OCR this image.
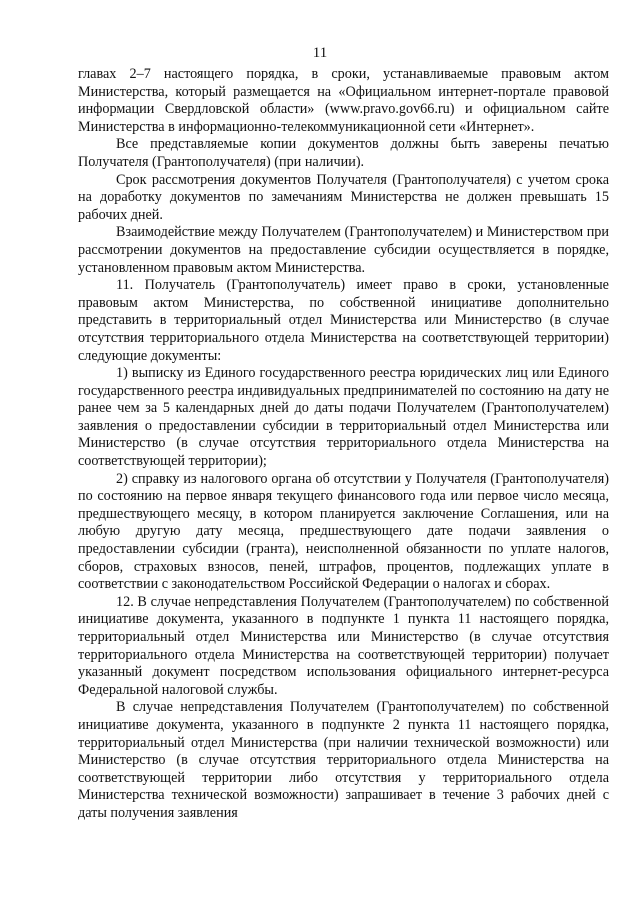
11

главах 2–7 настоящего порядка, в сроки, устанавливаемые правовым актом Министерства, который размещается на «Официальном интернет-портале правовой информации Свердловской области» (www.pravo.gov66.ru) и официальном сайте Министерства в информационно-телекоммуникационной сети «Интернет».

Все представляемые копии документов должны быть заверены печатью Получателя (Грантополучателя) (при наличии).

Срок рассмотрения документов Получателя (Грантополучателя) с учетом срока на доработку документов по замечаниям Министерства не должен превышать 15 рабочих дней.

Взаимодействие между Получателем (Грантополучателем) и Министерством при рассмотрении документов на предоставление субсидии осуществляется в порядке, установленном правовым актом Министерства.

11. Получатель (Грантополучатель) имеет право в сроки, установленные правовым актом Министерства, по собственной инициативе дополнительно представить в территориальный отдел Министерства или Министерство (в случае отсутствия территориального отдела Министерства на соответствующей территории) следующие документы:

1) выписку из Единого государственного реестра юридических лиц или Единого государственного реестра индивидуальных предпринимателей по состоянию на дату не ранее чем за 5 календарных дней до даты подачи Получателем (Грантополучателем) заявления о предоставлении субсидии в территориальный отдел Министерства или Министерство (в случае отсутствия территориального отдела Министерства на соответствующей территории);

2) справку из налогового органа об отсутствии у Получателя (Грантополучателя) по состоянию на первое января текущего финансового года или первое число месяца, предшествующего месяцу, в котором планируется заключение Соглашения, или на любую другую дату месяца, предшествующего дате подачи заявления о предоставлении субсидии (гранта), неисполненной обязанности по уплате налогов, сборов, страховых взносов, пеней, штрафов, процентов, подлежащих уплате в соответствии с законодательством Российской Федерации о налогах и сборах.

12. В случае непредставления Получателем (Грантополучателем) по собственной инициативе документа, указанного в подпункте 1 пункта 11 настоящего порядка, территориальный отдел Министерства или Министерство (в случае отсутствия территориального отдела Министерства на соответствующей территории) получает указанный документ посредством использования официального интернет-ресурса Федеральной налоговой службы.

В случае непредставления Получателем (Грантополучателем) по собственной инициативе документа, указанного в подпункте 2 пункта 11 настоящего порядка, территориальный отдел Министерства (при наличии технической возможности) или Министерство (в случае отсутствия территориального отдела Министерства на соответствующей территории либо отсутствия у территориального отдела Министерства технической возможности) запрашивает в течение 3 рабочих дней с даты получения заявления
